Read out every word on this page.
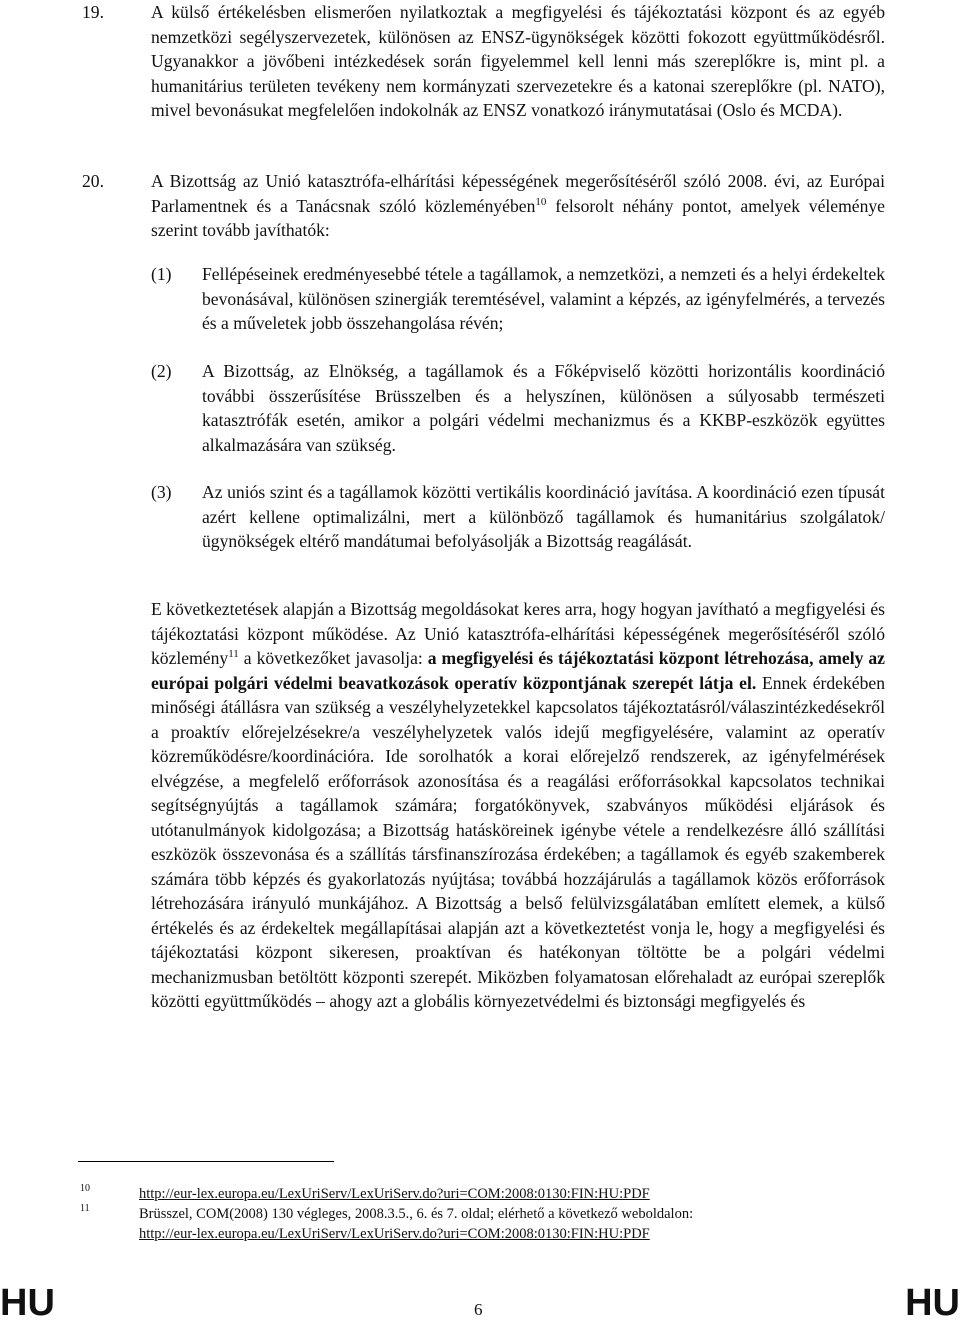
19.	A külső értékelésben elismerően nyilatkoztak a megfigyelési és tájékoztatási központ és az egyéb nemzetközi segélyszervezetek, különösen az ENSZ-ügynökségek közötti fokozott együttműködésről. Ugyanakkor a jövőbeni intézkedések során figyelemmel kell lenni más szereplőkre is, mint pl. a humanitárius területen tevékeny nem kormányzati szervezetekre és a katonai szereplőkre (pl. NATO), mivel bevonásukat megfelelően indokolnák az ENSZ vonatkozó iránymutatásai (Oslo és MCDA).

20.	A Bizottság az Unió katasztrófa-elhárítási képességének megerősítéséről szóló 2008. évi, az Európai Parlamentnek és a Tanácsnak szóló közleményében$^{10}$ felsorolt néhány pontot, amelyek véleménye szerint tovább javíthatók:

(1) Fellépéseinek eredményesebbé tétele a tagállamok, a nemzetközi, a nemzeti és a helyi érdekeltek bevonásával, különösen szinergiák teremtésével, valamint a képzés, az igényfelmérés, a tervezés és a műveletek jobb összehangolása révén;

(2) A Bizottság, az Elnökség, a tagállamok és a Főképviselő közötti horizontális koordináció további összerűsítése Brüsszelben és a helyszínen, különösen a súlyosabb természeti katasztrófák esetén, amikor a polgári védelmi mechanizmus és a KKBP-eszközök együttes alkalmazására van szükség.

(3) Az uniós szint és a tagállamok közötti vertikális koordináció javítása. A koordináció ezen típusát azért kellene optimalizálni, mert a különböző tagállamok és humanitárius szolgálatok/ügynökségek eltérő mandátumai befolyásolják a Bizottság reagálását.

E következtetések alapján a Bizottság megoldásokat keres arra, hogy hogyan javítható a megfigyelési és tájékoztatási központ működése. Az Unió katasztrófa-elhárítási képességének megerősítéséről szóló közlemény$^{11}$ a következőket javasolja: a megfigyelési és tájékoztatási központ létrehozása, amely az európai polgári védelmi beavatkozások operatív központjának szerepét látja el. Ennek érdekében minőségi átállásra van szükség a veszélyhelyzetekkel kapcsolatos tájékoztatásról/válaszintézkedésekről a proaktív előrejelzésekre/a veszélyhelyzetek valós idejű megfigyelésére, valamint az operatív közreműködésre/koordinációra. Ide sorolhatók a korai előrejelző rendszerek, az igényfelmérések elvégzése, a megfelelő erőforrások azonosítása és a reagálási erőforrásokkal kapcsolatos technikai segítségnyújtás a tagállamok számára; forgatókönyvek, szabványos működési eljárások és utótanulmányok kidolgozása; a Bizottság hatásköreinek igénybe vétele a rendelkezésre álló szállítási eszközök összevonása és a szállítás társfinanszírozása érdekében; a tagállamok és egyéb szakemberek számára több képzés és gyakorlatozás nyújtása; továbbá hozzájárulás a tagállamok közös erőforrások létrehozására irányuló munkájához. A Bizottság a belső felülvizsgálatában említett elemek, a külső értékelés és az érdekeltek megállapításai alapján azt a következtetést vonja le, hogy a megfigyelési és tájékoztatási központ sikeresen, proaktívan és hatékonyan töltötte be a polgári védelmi mechanizmusban betöltött központi szerepét. Miközben folyamatosan előrehaladt az európai szereplők közötti együttműködés – ahogy azt a globális környezetvédelmi és biztonsági megfigyelés és

10	http://eur-lex.europa.eu/LexUriServ/LexUriServ.do?uri=COM:2008:0130:FIN:HU:PDF
11	Brüsszel, COM(2008) 130 végleges, 2008.3.5., 6. és 7. oldal; elérhető a következő weboldalon:
http://eur-lex.europa.eu/LexUriServ/LexUriServ.do?uri=COM:2008:0130:FIN:HU:PDF
HU	6	HU
